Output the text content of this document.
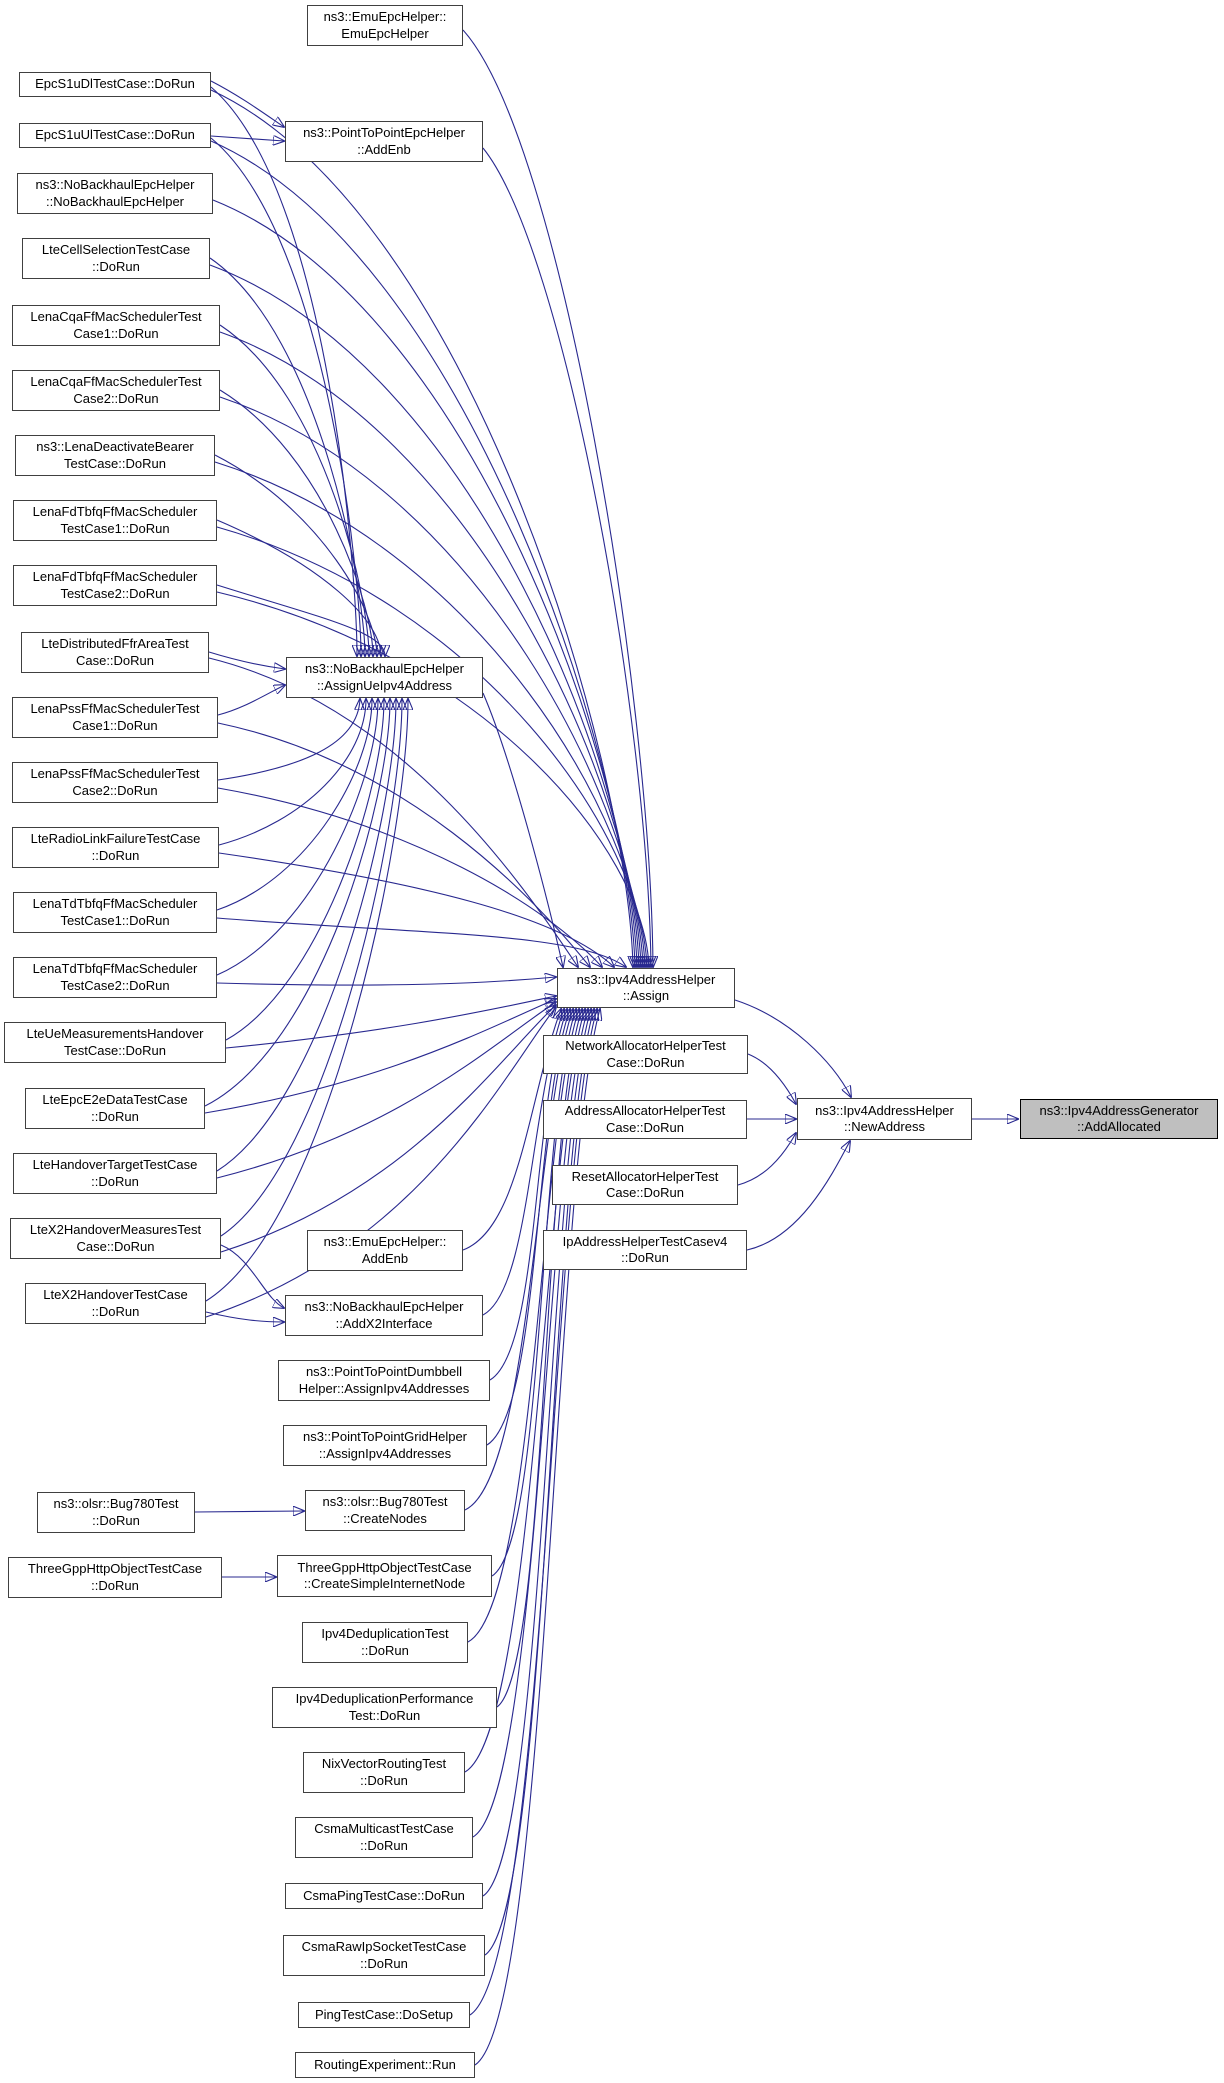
EpcS1uDlTestCase::DoRun
EpcS1uUlTestCase::DoRun
ns3::NoBackhaulEpcHelper
::NoBackhaulEpcHelper
LteCellSelectionTestCase
::DoRun
LenaCqaFfMacSchedulerTest
Case1::DoRun
LenaCqaFfMacSchedulerTest
Case2::DoRun
ns3::LenaDeactivateBearer
TestCase::DoRun
LenaFdTbfqFfMacScheduler
TestCase1::DoRun
LenaFdTbfqFfMacScheduler
TestCase2::DoRun
LteDistributedFfrAreaTest
Case::DoRun
LenaPssFfMacSchedulerTest
Case1::DoRun
LenaPssFfMacSchedulerTest
Case2::DoRun
LteRadioLinkFailureTestCase
::DoRun
LenaTdTbfqFfMacScheduler
TestCase1::DoRun
LenaTdTbfqFfMacScheduler
TestCase2::DoRun
LteUeMeasurementsHandover
TestCase::DoRun
LteEpcE2eDataTestCase
::DoRun
LteHandoverTargetTestCase
::DoRun
LteX2HandoverMeasuresTest
Case::DoRun
LteX2HandoverTestCase
::DoRun
ns3::olsr::Bug780Test
::DoRun
ThreeGppHttpObjectTestCase
::DoRun
ns3::EmuEpcHelper::
EmuEpcHelper
ns3::PointToPointEpcHelper
::AddEnb
ns3::NoBackhaulEpcHelper
::AssignUeIpv4Address
ns3::EmuEpcHelper::
AddEnb
ns3::NoBackhaulEpcHelper
::AddX2Interface
ns3::PointToPointDumbbell
Helper::AssignIpv4Addresses
ns3::PointToPointGridHelper
::AssignIpv4Addresses
ns3::olsr::Bug780Test
::CreateNodes
ThreeGppHttpObjectTestCase
::CreateSimpleInternetNode
Ipv4DeduplicationTest
::DoRun
Ipv4DeduplicationPerformance
Test::DoRun
NixVectorRoutingTest
::DoRun
CsmaMulticastTestCase
::DoRun
CsmaPingTestCase::DoRun
CsmaRawIpSocketTestCase
::DoRun
PingTestCase::DoSetup
RoutingExperiment::Run
ns3::Ipv4AddressHelper
::Assign
NetworkAllocatorHelperTest
Case::DoRun
AddressAllocatorHelperTest
Case::DoRun
ResetAllocatorHelperTest
Case::DoRun
IpAddressHelperTestCasev4
::DoRun
ns3::Ipv4AddressHelper
::NewAddress
ns3::Ipv4AddressGenerator
::AddAllocated
